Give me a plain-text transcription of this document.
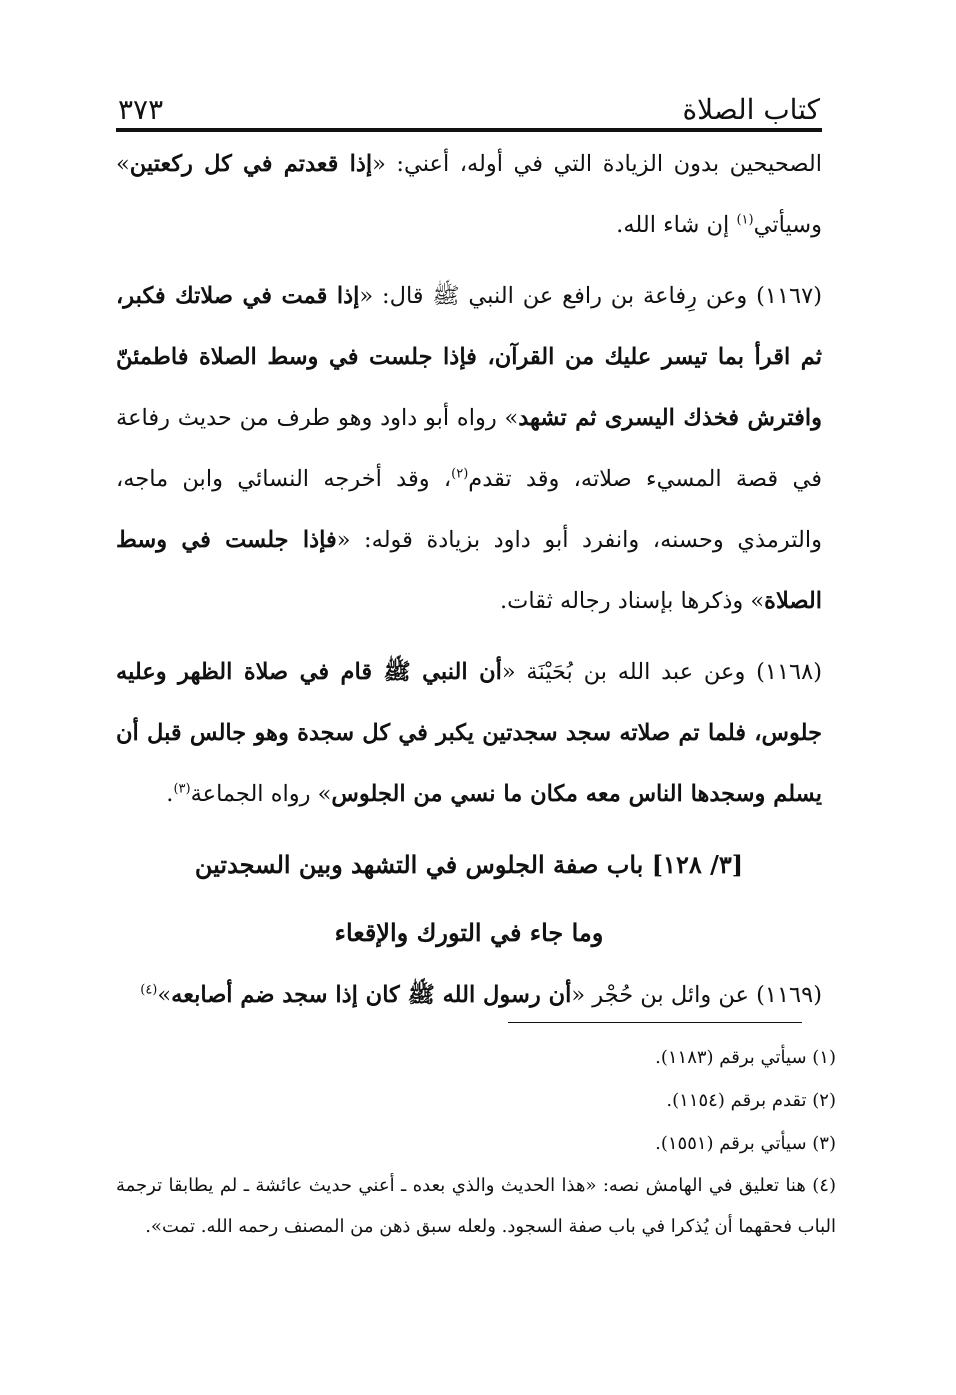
كتاب الصلاة
٣٧٣

الصحيحين بدون الزيادة التي في أوله، أعني: «إذا قعدتم في كل ركعتين» وسيأتي$^{(١)}$ إن شاء الله.

(١١٦٧) وعن رِفاعة بن رافع عن النبي ﷺ قال: «إذا قمت في صلاتك فكبر، ثم اقرأ بما تيسر عليك من القرآن، فإذا جلست في وسط الصلاة فاطمئنّ وافترش فخذك اليسرى ثم تشهد» رواه أبو داود وهو طرف من حديث رفاعة في قصة المسيء صلاته، وقد تقدم$^{(٢)}$، وقد أخرجه النسائي وابن ماجه، والترمذي وحسنه، وانفرد أبو داود بزيادة قوله: «فإذا جلست في وسط الصلاة» وذكرها بإسناد رجاله ثقات.

(١١٦٨) وعن عبد الله بن بُحَيْنَة «أن النبي ﷺ قام في صلاة الظهر وعليه جلوس، فلما تم صلاته سجد سجدتين يكبر في كل سجدة وهو جالس قبل أن يسلم وسجدها الناس معه مكان ما نسي من الجلوس» رواه الجماعة$^{(٣)}$.

[٣/ ١٢٨] باب صفة الجلوس في التشهد وبين السجدتين

وما جاء في التورك والإقعاء

(١١٦٩) عن وائل بن حُجْر «أن رسول الله ﷺ كان إذا سجد ضم أصابعه»$^{(٤)}$

(١) سيأتي برقم (١١٨٣).

(٢) تقدم برقم (١١٥٤).

(٣) سيأتي برقم (١٥٥١).

(٤) هنا تعليق في الهامش نصه: «هذا الحديث والذي بعده ـ أعني حديث عائشة ـ لم يطابقا ترجمة الباب فحقهما أن يُذكرا في باب صفة السجود. ولعله سبق ذهن من المصنف رحمه الله. تمت».
